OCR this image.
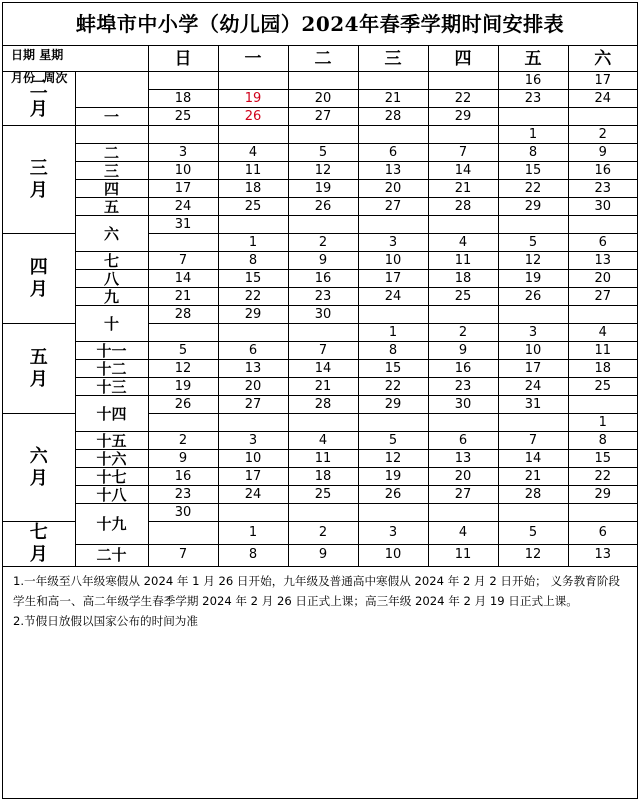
蚌埠市中小学（幼儿园）2024年春季学期时间安排表
日期 星期
月份 周次		日	一	二	三	四	五	六

二
月							16	17
		18	19	20	21	22	23	24
	一	25	26	27	28	29		

三
月							1	2
	二	3	4	5	6	7	8	9
	三	10	11	12	13	14	15	16
	四	17	18	19	20	21	22	23
	五	24	25	26	27	28	29	30
	六	31						

四
月			1	2	3	4	5	6
	七	7	8	9	10	11	12	13
	八	14	15	16	17	18	19	20
	九	21	22	23	24	25	26	27
	十	28	29	30				

五
月					1	2	3	4
	十一	5	6	7	8	9	10	11
	十二	12	13	14	15	16	17	18
	十三	19	20	21	22	23	24	25
	十四	26	27	28	29	30	31	

六
月								1
	十五	2	3	4	5	6	7	8
	十六	9	10	11	12	13	14	15
	十七	16	17	18	19	20	21	22
	十八	23	24	25	26	27	28	29
	十九	30						

七
月			1	2	3	4	5	6
	二十	7	8	9	10	11	12	13
1.一年级至八年级寒假从 2024 年 1 月 26 日开始，九年级及普通高中寒假从 2024 年 2 月 2 日开始； 义务教育阶段学生和高一、高二年级学生春季学期 2024 年 2 月 26 日正式上课；高三年级 2024 年 2 月 19 日正式上课。
2.节假日放假以国家公布的时间为准
